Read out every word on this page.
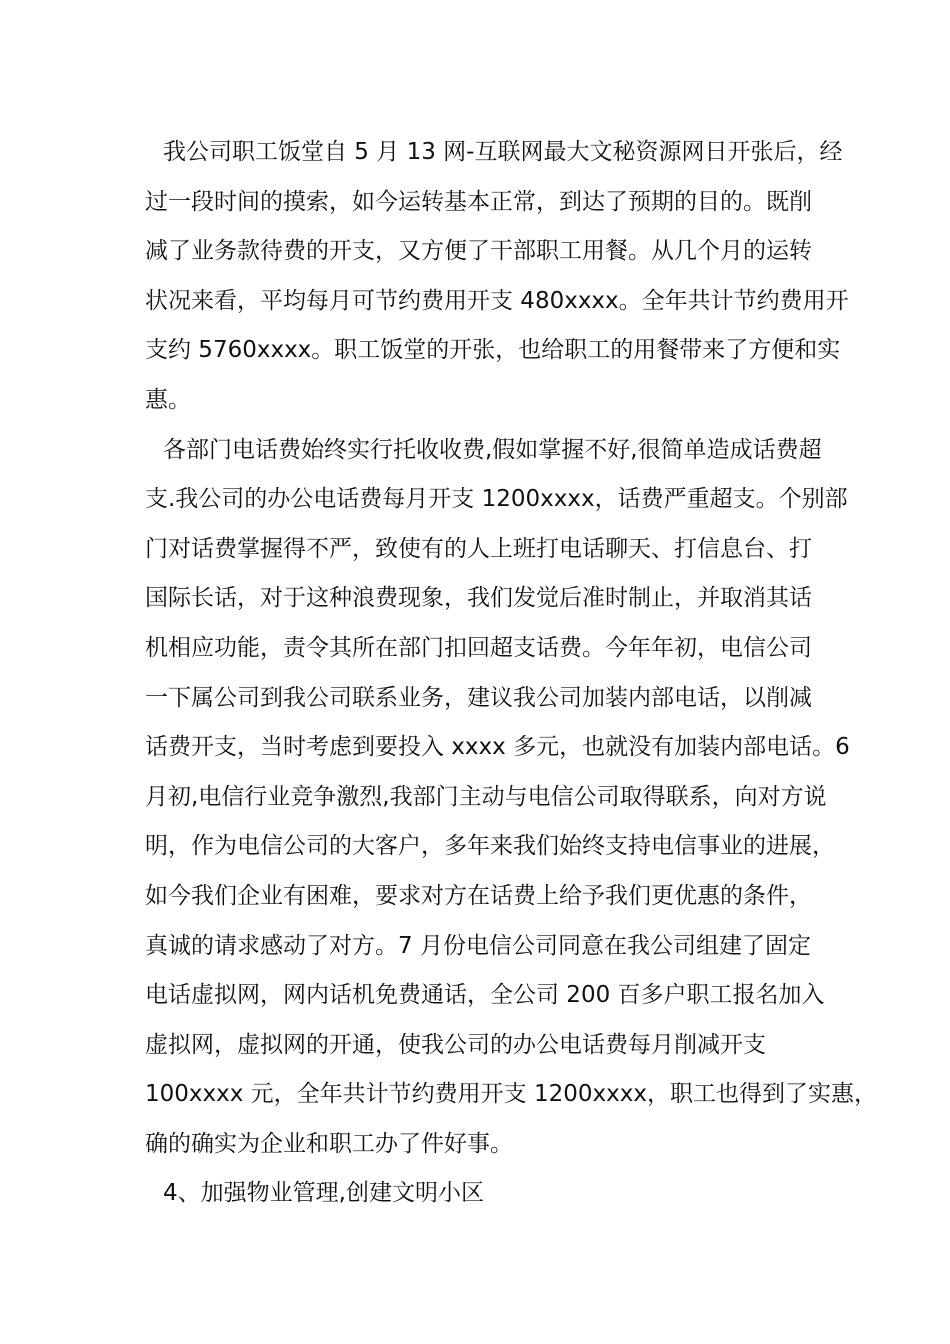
我公司职工饭堂自 5 月 13 网-互联网最大文秘资源网日开张后，经
过一段时间的摸索，如今运转基本正常，到达了预期的目的。既削
减了业务款待费的开支，又方便了干部职工用餐。从几个月的运转
状况来看，平均每月可节约费用开支 480xxxx。全年共计节约费用开
支约 5760xxxx。职工饭堂的开张，也给职工的用餐带来了方便和实
惠。
各部门电话费始终实行托收收费,假如掌握不好,很简单造成话费超
支.我公司的办公电话费每月开支 1200xxxx，话费严重超支。个别部
门对话费掌握得不严，致使有的人上班打电话聊天、打信息台、打
国际长话，对于这种浪费现象，我们发觉后准时制止，并取消其话
机相应功能，责令其所在部门扣回超支话费。今年年初，电信公司
一下属公司到我公司联系业务，建议我公司加装内部电话，以削减
话费开支，当时考虑到要投入 xxxx 多元，也就没有加装内部电话。6
月初,电信行业竞争激烈,我部门主动与电信公司取得联系，向对方说
明，作为电信公司的大客户，多年来我们始终支持电信事业的进展，
如今我们企业有困难，要求对方在话费上给予我们更优惠的条件，
真诚的请求感动了对方。7 月份电信公司同意在我公司组建了固定
电话虚拟网，网内话机免费通话，全公司 200 百多户职工报名加入
虚拟网，虚拟网的开通，使我公司的办公电话费每月削减开支
100xxxx 元，全年共计节约费用开支 1200xxxx，职工也得到了实惠，
确的确实为企业和职工办了件好事。
4、加强物业管理,创建文明小区
